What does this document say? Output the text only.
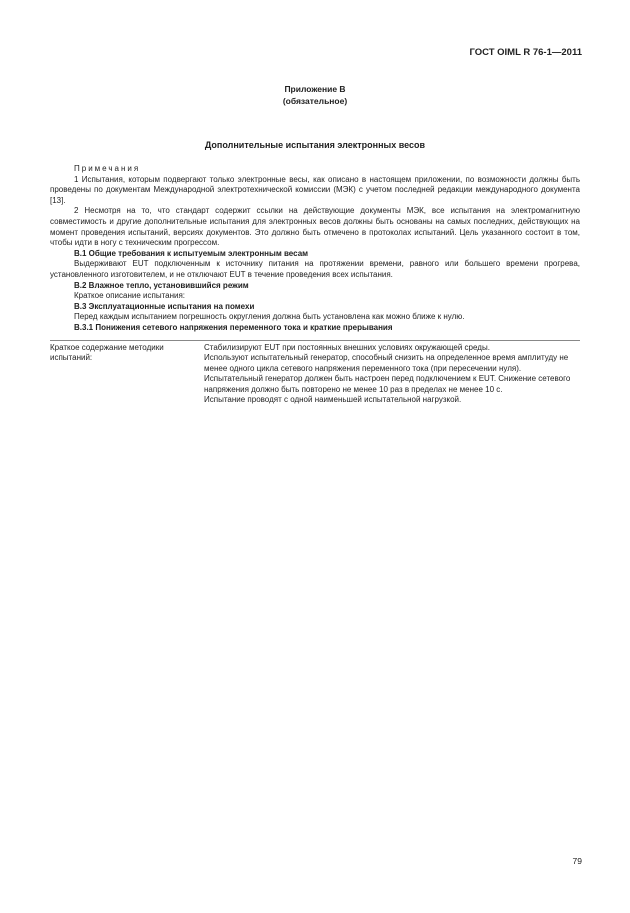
ГОСТ OIML R 76-1—2011
Приложение В
(обязательное)
Дополнительные испытания электронных весов

Примечания

1 Испытания, которым подвергают только электронные весы, как описано в настоящем приложении, по возможности должны быть проведены по документам Международной электротехнической комиссии (МЭК) с учетом последней редакции международного документа [13].

2 Несмотря на то, что стандарт содержит ссылки на действующие документы МЭК, все испытания на электромагнитную совместимость и другие дополнительные испытания для электронных весов должны быть основаны на самых последних, действующих на момент проведения испытаний, версиях документов. Это должно быть отмечено в протоколах испытаний. Цель указанного состоит в том, чтобы идти в ногу с техническим прогрессом.

В.1 Общие требования к испытуемым электронным весам

Выдерживают EUT подключенным к источнику питания на протяжении времени, равного или большего времени прогрева, установленного изготовителем, и не отключают EUT в течение проведения всех испытания.

В.2 Влажное тепло, установившийся режим

Краткое описание испытания:

В.3 Эксплуатационные испытания на помехи

Перед каждым испытанием погрешность округления должна быть установлена как можно ближе к нулю.

В.3.1 Понижения сетевого напряжения переменного тока и краткие прерывания
Краткое содержание методики испытаний:	
Стабилизируют EUT при постоянных внешних условиях окружающей среды.
Используют испытательный генератор, способный снизить на определенное время амплитуду не менее одного цикла сетевого напряжения переменного тока (при пересечении нуля).
Испытательный генератор должен быть настроен перед подключением к EUT. Снижение сетевого напряжения должно быть повторено не менее 10 раз в пределах не менее 10 с.
Испытание проводят с одной наименьшей испытательной нагрузкой.
79
